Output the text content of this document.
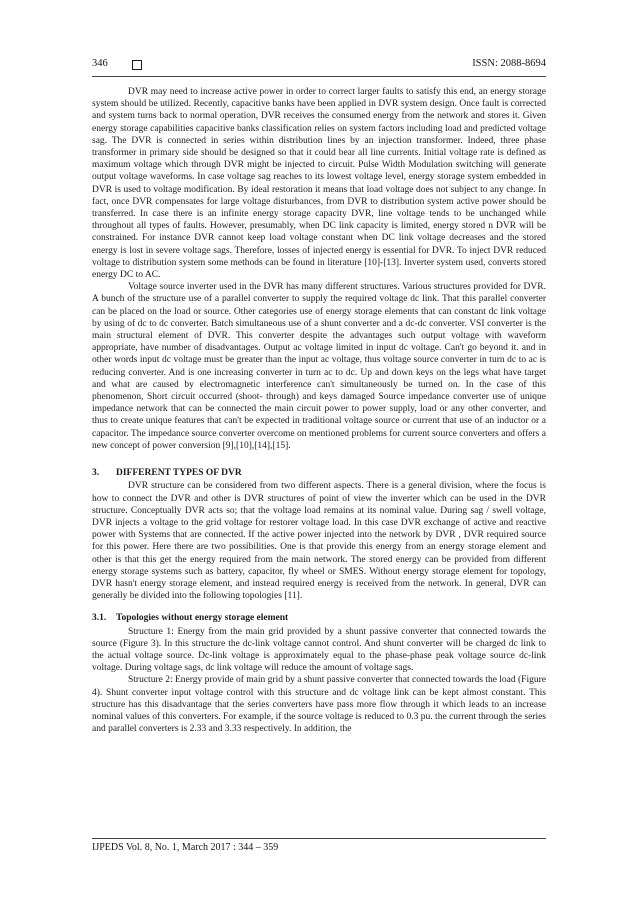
346	ISSN: 2088-8694

DVR may need to increase active power in order to correct larger faults to satisfy this end, an energy storage system should be utilized. Recently, capacitive banks have been applied in DVR system design. Once fault is corrected and system turns back to normal operation, DVR receives the consumed energy from the network and stores it. Given energy storage capabilities capacitive banks classification relies on system factors including load and predicted voltage sag. The DVR is connected in series within distribution lines by an injection transformer. Indeed, three phase transformer in primary side should be designed so that it could bear all line currents. Initial voltage rate is defined as maximum voltage which through DVR might be injected to circuit. Pulse Width Modulation switching will generate output voltage waveforms. In case voltage sag reaches to its lowest voltage level, energy storage system embedded in DVR is used to voltage modification. By ideal restoration it means that load voltage does not subject to any change. In fact, once DVR compensates for large voltage disturbances, from DVR to distribution system active power should be transferred. In case there is an infinite energy storage capacity DVR, line voltage tends to be unchanged while throughout all types of faults. However, presumably, when DC link capacity is limited, energy stored n DVR will be constrained. For instance DVR cannot keep load voltage constant when DC link voltage decreases and the stored energy is lost in severe voltage sags. Therefore, losses of injected energy is essential for DVR. To inject DVR reduced voltage to distribution system some methods can be found in literature [10]-[13]. Inverter system used, converts stored energy DC to AC.

Voltage source inverter used in the DVR has many different structures. Various structures provided for DVR. A bunch of the structure use of a parallel converter to supply the required voltage dc link. That this parallel converter can be placed on the load or source. Other categories use of energy storage elements that can constant dc link voltage by using of dc to dc converter. Batch simultaneous use of a shunt converter and a dc-dc converter. VSI converter is the main structural element of DVR. This converter despite the advantages such output voltage with waveform appropriate, have number of disadvantages. Output ac voltage limited in input dc voltage. Can't go beyond it. and in other words input dc voltage must be greater than the input ac voltage, thus voltage source converter in turn dc to ac is reducing converter. And is one increasing converter in turn ac to dc. Up and down keys on the legs what have target and what are caused by electromagnetic interference can't simultaneously be turned on. In the case of this phenomenon, Short circuit occurred (shoot- through) and keys damaged Source impedance converter use of unique impedance network that can be connected the main circuit power to power supply, load or any other converter, and thus to create unique features that can't be expected in traditional voltage source or current that use of an inductor or a capacitor. The impedance source converter overcome on mentioned problems for current source converters and offers a new concept of power conversion [9],[10],[14],[15].

3. DIFFERENT TYPES OF DVR

DVR structure can be considered from two different aspects. There is a general division, where the focus is how to connect the DVR and other is DVR structures of point of view the inverter which can be used in the DVR structure. Conceptually DVR acts so; that the voltage load remains at its nominal value. During sag / swell voltage, DVR injects a voltage to the grid voltage for restorer voltage load. In this case DVR exchange of active and reactive power with Systems that are connected. If the active power injected into the network by DVR , DVR required source for this power. Here there are two possibilities. One is that provide this energy from an energy storage element and other is that this get the energy required from the main network. The stored energy can be provided from different energy storage systems such as battery, capacitor, fly wheel or SMES. Without energy storage element for topology, DVR hasn't energy storage element, and instead required energy is received from the network. In general, DVR can generally be divided into the following topologies [11].

3.1. Topologies without energy storage element

Structure 1: Energy from the main grid provided by a shunt passive converter that connected towards the source (Figure 3). In this structure the dc-link voltage cannot control. And shunt converter will be charged dc link to the actual voltage source. Dc-link voltage is approximately equal to the phase-phase peak voltage source dc-link voltage. During voltage sags, dc link voltage will reduce the amount of voltage sags.

Structure 2: Energy provide of main grid by a shunt passive converter that connected towards the load (Figure 4). Shunt converter input voltage control with this structure and dc voltage link can be kept almost constant. This structure has this disadvantage that the series converters have pass more flow through it which leads to an increase nominal values of this converters. For example, if the source voltage is reduced to 0.3 pu. the current through the series and parallel converters is 2.33 and 3.33 respectively. In addition, the

IJPEDS Vol. 8, No. 1, March 2017 : 344 – 359
